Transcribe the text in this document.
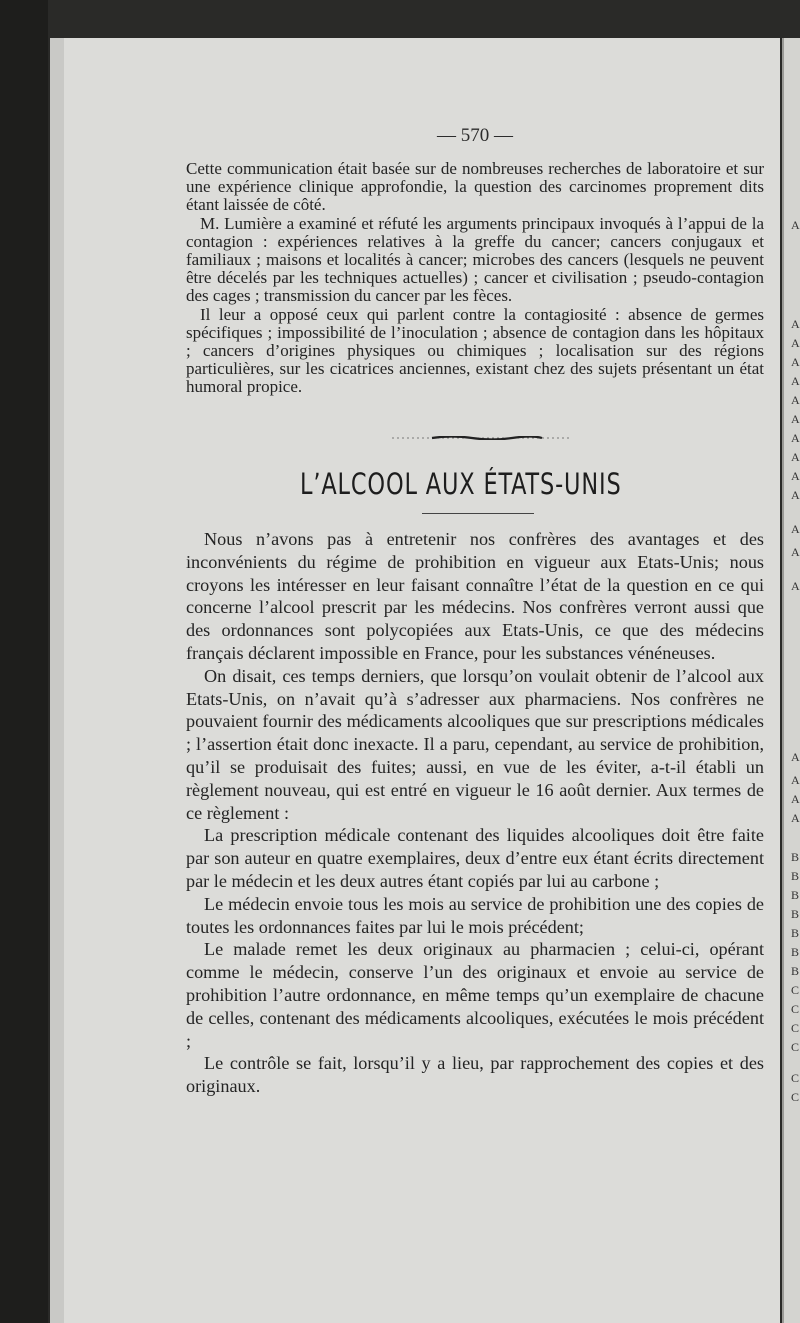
A
A
A
A
A
A
A
A
A
A
A
A
A
A
A
A
A
A
B
B
B
B
B
B
B
C
C
C
C
C
C
— 570 —

Cette communication était basée sur de nombreuses recherches de laboratoire et sur une expérience clinique approfondie, la question des carcinomes proprement dits étant laissée de côté.

M. Lumière a examiné et réfuté les arguments principaux invoqués à l’appui de la contagion : expériences relatives à la greffe du cancer; cancers conjugaux et familiaux ; maisons et localités à cancer; microbes des cancers (lesquels ne peuvent être décelés par les techniques actuelles) ; cancer et civilisation ; pseudo-contagion des cages ; transmission du cancer par les fèces.

Il leur a opposé ceux qui parlent contre la contagiosité : absence de germes spécifiques ; impossibilité de l’inoculation ; absence de contagion dans les hôpitaux ; cancers d’origines physiques ou chimiques ; localisation sur des régions particulières, sur les cicatrices anciennes, existant chez des sujets présentant un état humoral propice.

L’ALCOOL AUX ÉTATS-UNIS

Nous n’avons pas à entretenir nos confrères des avantages et des inconvénients du régime de prohibition en vigueur aux Etats-Unis; nous croyons les intéresser en leur faisant connaître l’état de la question en ce qui concerne l’alcool prescrit par les médecins. Nos confrères verront aussi que des ordonnances sont polycopiées aux Etats-Unis, ce que des médecins français déclarent impossible en France, pour les substances vénéneuses.

On disait, ces temps derniers, que lorsqu’on voulait obtenir de l’alcool aux Etats-Unis, on n’avait qu’à s’adresser aux pharmaciens. Nos confrères ne pouvaient fournir des médicaments alcooliques que sur prescriptions médicales ; l’assertion était donc inexacte. Il a paru, cependant, au service de prohibition, qu’il se produisait des fuites; aussi, en vue de les éviter, a-t-il établi un règlement nouveau, qui est entré en vigueur le 16 août dernier. Aux termes de ce règlement :

La prescription médicale contenant des liquides alcooliques doit être faite par son auteur en quatre exemplaires, deux d’entre eux étant écrits directement par le médecin et les deux autres étant copiés par lui au carbone ;

Le médecin envoie tous les mois au service de prohibition une des copies de toutes les ordonnances faites par lui le mois précédent;

Le malade remet les deux originaux au pharmacien ; celui-ci, opérant comme le médecin, conserve l’un des originaux et envoie au service de prohibition l’autre ordonnance, en même temps qu’un exemplaire de chacune de celles, contenant des médicaments alcooliques, exécutées le mois précédent ;

Le contrôle se fait, lorsqu’il y a lieu, par rapprochement des copies et des originaux.
